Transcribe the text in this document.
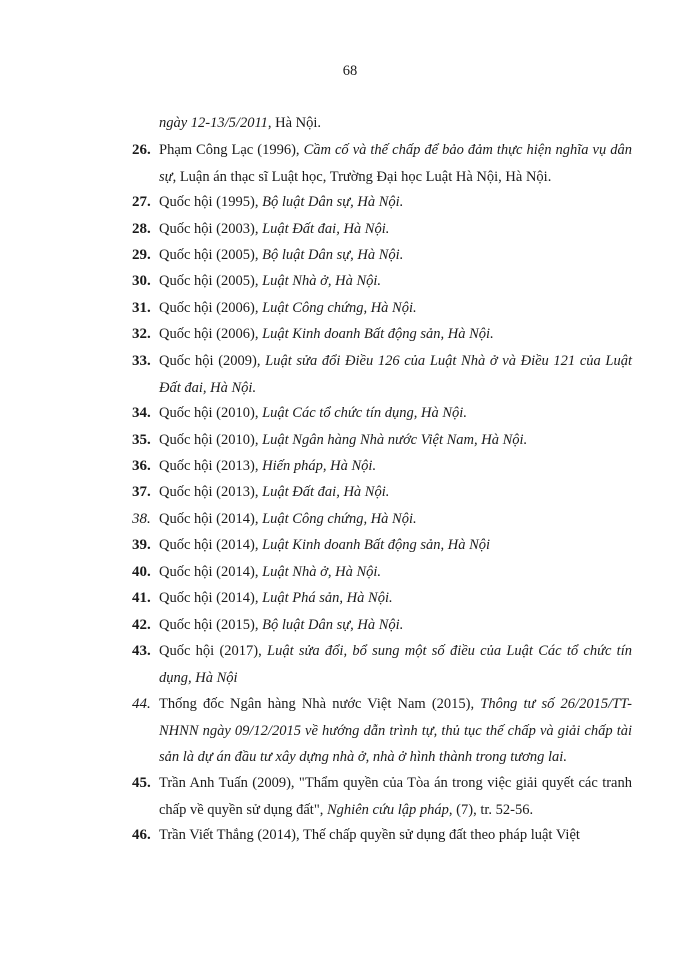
68
ngày 12-13/5/2011, Hà Nội.
26. Phạm Công Lạc (1996), Cầm cố và thế chấp để bảo đảm thực hiện nghĩa vụ dân sự, Luận án thạc sĩ Luật học, Trường Đại học Luật Hà Nội, Hà Nội.
27. Quốc hội (1995), Bộ luật Dân sự, Hà Nội.
28. Quốc hội (2003), Luật Đất đai, Hà Nội.
29. Quốc hội (2005), Bộ luật Dân sự, Hà Nội.
30. Quốc hội (2005), Luật Nhà ở, Hà Nội.
31. Quốc hội (2006), Luật Công chứng, Hà Nội.
32. Quốc hội (2006), Luật Kinh doanh Bất động sản, Hà Nội.
33. Quốc hội (2009), Luật sửa đổi Điều 126 của Luật Nhà ở và Điều 121 của Luật Đất đai, Hà Nội.
34. Quốc hội (2010), Luật Các tổ chức tín dụng, Hà Nội.
35. Quốc hội (2010), Luật Ngân hàng Nhà nước Việt Nam, Hà Nội.
36. Quốc hội (2013), Hiến pháp, Hà Nội.
37. Quốc hội (2013), Luật Đất đai, Hà Nội.
38. Quốc hội (2014), Luật Công chứng, Hà Nội.
39. Quốc hội (2014), Luật Kinh doanh Bất động sản, Hà Nội
40. Quốc hội (2014), Luật Nhà ở, Hà Nội.
41. Quốc hội (2014), Luật Phá sản, Hà Nội.
42. Quốc hội (2015), Bộ luật Dân sự, Hà Nội.
43. Quốc hội (2017), Luật sửa đổi, bổ sung một số điều của Luật Các tổ chức tín dụng, Hà Nội
44. Thống đốc Ngân hàng Nhà nước Việt Nam (2015), Thông tư số 26/2015/TT-NHNN ngày 09/12/2015 về hướng dẫn trình tự, thủ tục thế chấp và giải chấp tài sản là dự án đầu tư xây dựng nhà ở, nhà ở hình thành trong tương lai.
45. Trần Anh Tuấn (2009), "Thẩm quyền của Tòa án trong việc giải quyết các tranh chấp về quyền sử dụng đất", Nghiên cứu lập pháp, (7), tr. 52-56.
46. Trần Viết Thắng (2014), Thế chấp quyền sử dụng đất theo pháp luật Việt
